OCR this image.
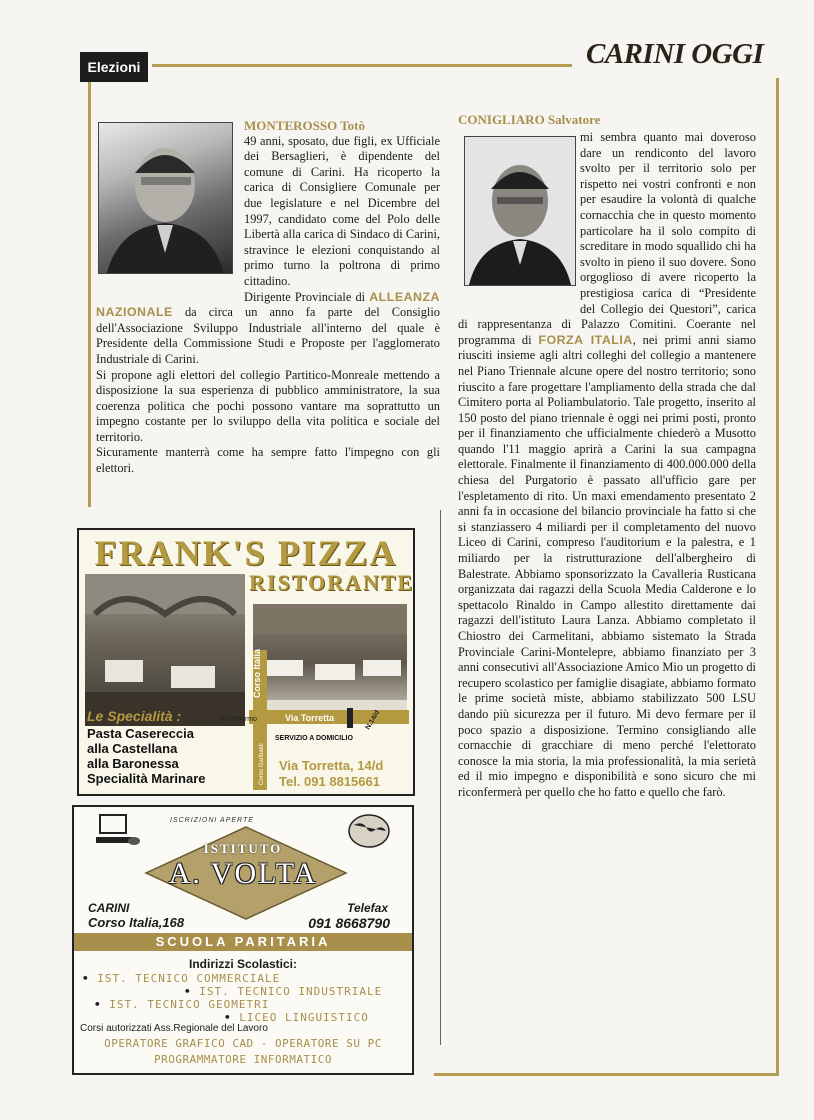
Elezioni	CARINI OGGI
MONTEROSSO Totò

49 anni, sposato, due figli, ex Ufficiale dei Bersaglieri, è dipendente del comune di Carini. Ha ricoperto la carica di Consigliere Comunale per due legislature e nel Dicembre del 1997, candidato come del Polo delle Libertà alla carica di Sindaco di Carini, stravince le elezioni conquistando al primo turno la poltrona di primo cittadino.

Dirigente Provinciale di ALLEANZA NAZIONALE da circa un anno fa parte del Consiglio dell'Associazione Sviluppo Industriale all'interno del quale è Presidente della Commissione Studi e Proposte per l'agglomerato Industriale di Carini.

Si propone agli elettori del collegio Partitico-Monreale mettendo a disposizione la sua esperienza di pubblico amministratore, la sua coerenza politica che pochi possono vantare ma soprattutto un impegno costante per lo sviluppo della vita politica e sociale del territorio.

Sicuramente manterrà come ha sempre fatto l'impegno con gli elettori.

CONIGLIARO Salvatore
mi sembra quanto mai doveroso dare un rendiconto del lavoro svolto per il territorio solo per rispetto nei vostri confronti e non per esaudire la volontà di qualche cornacchia che in questo momento particolare ha il solo compito di screditare in modo squallido chi ha svolto in pieno il suo dovere. Sono orgoglioso di avere ricoperto la prestigiosa carica di “Presidente del Collegio dei Questori”, carica di rappresentanza di Palazzo Comitini. Coerante nel programma di FORZA ITALIA, nei primi anni siamo riusciti insieme agli altri colleghi del collegio a mantenere nel Piano Triennale alcune opere del nostro territorio; sono riuscito a fare progettare l'ampliamento della strada che dal Cimitero porta al Poliambulatorio. Tale progetto, inserito al 150 posto del piano triennale è oggi nei primi posti, pronto per il finanziamento che ufficialmente chiederò a Musotto quando l'11 maggio aprirà a Carini la sua campagna elettorale. Finalmente il finanziamento di 400.000.000 della chiesa del Purgatorio è passato all'ufficio gare per l'espletamento di rito. Un maxi emendamento presentato 2 anni fa in occasione del bilancio provinciale ha fatto si che si stanziassero 4 miliardi per il completamento del nuovo Liceo di Carini, compreso l'auditorium e la palestra, e 1 miliardo per la ristrutturazione dell'albergheiro di Balestrate. Abbiamo sponsorizzato la Cavalleria Rusticana organizzata dai ragazzi della Scuola Media Calderone e lo spettacolo Rinaldo in Campo allestito direttamente dai ragazzi dell'istituto Laura Lanza. Abbiamo completato il Chiostro dei Carmelitani, abbiamo sistemato la Strada Provinciale Carini-Montelepre, abbiamo finanziato per 3 anni consecutivi all'Associazione Amico Mio un progetto di recupero scolastico per famiglie disagiate, abbiamo formato le prime società miste, abbiamo stabilizzato 500 LSU dando più sicurezza per il futuro. Mi devo fermare per il poco spazio a disposizione. Termino consigliando alle cornacchie di gracchiare di meno perché l'elettorato conosce la mia storia, la mia professionalità, la mia serietà ed il mio impegno e disponibilità e sono sicuro che mi riconfermerà per quello che ho fatto e quello che farò.
FRANK'S PIZZA
RISTORANTE
Le Specialità :
Pasta Casereccia
alla Castellana
alla Baronessa
Specialità Marinare
Corso Italia
Via Palermo	Via Torretta
Corso Garibaldi
N.14/d
SERVIZIO A DOMICILIO
Via Torretta, 14/d
Tel. 091 8815661
ISCRIZIONI APERTE
ISTITUTO
A. VOLTA
CARINI
Corso Italia,168
Telefax
091 8668790
SCUOLA PARITARIA
Indirizzi Scolastici:
• IST. TECNICO COMMERCIALE
• IST. TECNICO INDUSTRIALE
• IST. TECNICO GEOMETRI
• LICEO LINGUISTICO
Corsi autorizzati Ass.Regionale del Lavoro
OPERATORE GRAFICO CAD - OPERATORE SU PC
PROGRAMMATORE INFORMATICO
